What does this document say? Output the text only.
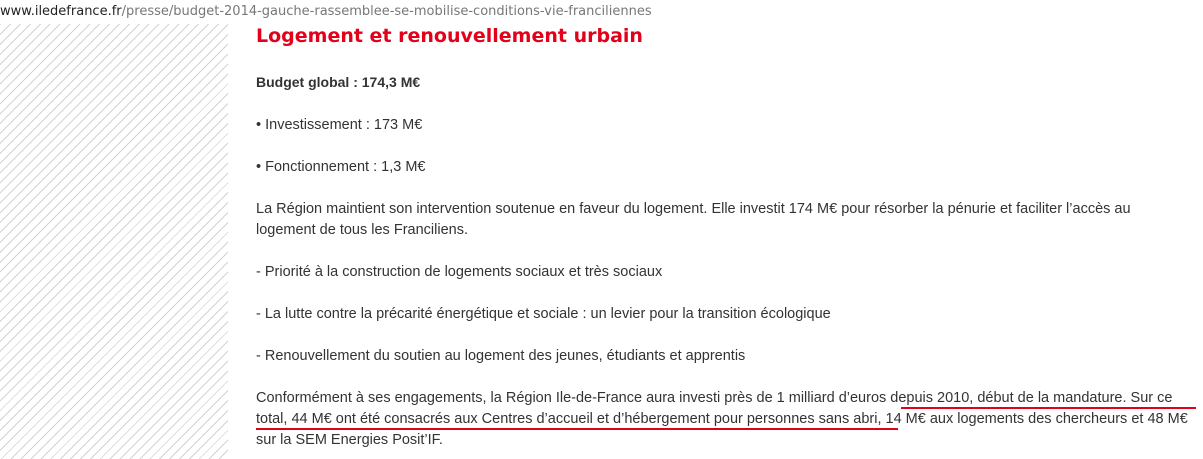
www.iledefrance.fr/presse/budget-2014-gauche-rassemblee-se-mobilise-conditions-vie-franciliennes
Logement et renouvellement urbain
Budget global : 174,3 M€
• Investissement : 173 M€
• Fonctionnement : 1,3 M€

La Région maintient son intervention soutenue en faveur du logement. Elle investit 174 M€ pour résorber la pénurie et faciliter l’accès au logement de tous les Franciliens.

- Priorité à la construction de logements sociaux et très sociaux
- La lutte contre la précarité énergétique et sociale : un levier pour la transition écologique
- Renouvellement du soutien au logement des jeunes, étudiants et apprentis

Conformément à ses engagements, la Région Ile-de-France aura investi près de 1 milliard d’euros depuis 2010, début de la mandature. Sur ce total, 44 M€ ont été consacrés aux Centres d’accueil et d’hébergement pour personnes sans abri, 14 M€ aux logements des chercheurs et 48 M€ sur la SEM Energies Posit’IF.
